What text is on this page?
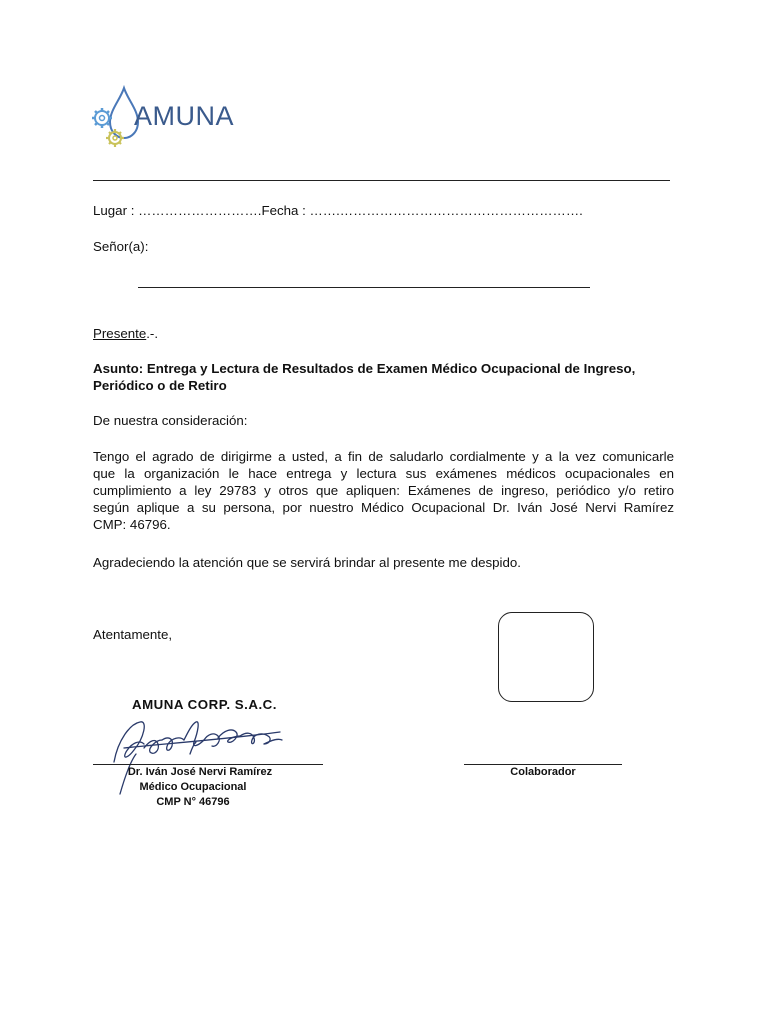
AMUNA
Lugar : ……………………….Fecha : …….……………………………………………….
Señor(a):
Presente.-.
Asunto: Entrega y Lectura de Resultados de Examen Médico Ocupacional de Ingreso,
Periódico o de Retiro
De nuestra consideración:
Tengo el agrado de dirigirme a usted, a fin de saludarlo cordialmente y a la vez comunicarle
que la organización le hace entrega y lectura sus exámenes médicos ocupacionales en
cumplimiento a ley 29783 y otros que apliquen: Exámenes de ingreso, periódico y/o retiro
según aplique a su persona, por nuestro Médico Ocupacional Dr. Iván José Nervi Ramírez
CMP: 46796.
Agradeciendo la atención que se servirá brindar al presente me despido.
Atentamente,
AMUNA CORP. S.A.C.
Dr. Iván José Nervi Ramírez
Médico Ocupacional
CMP N° 46796
Colaborador
